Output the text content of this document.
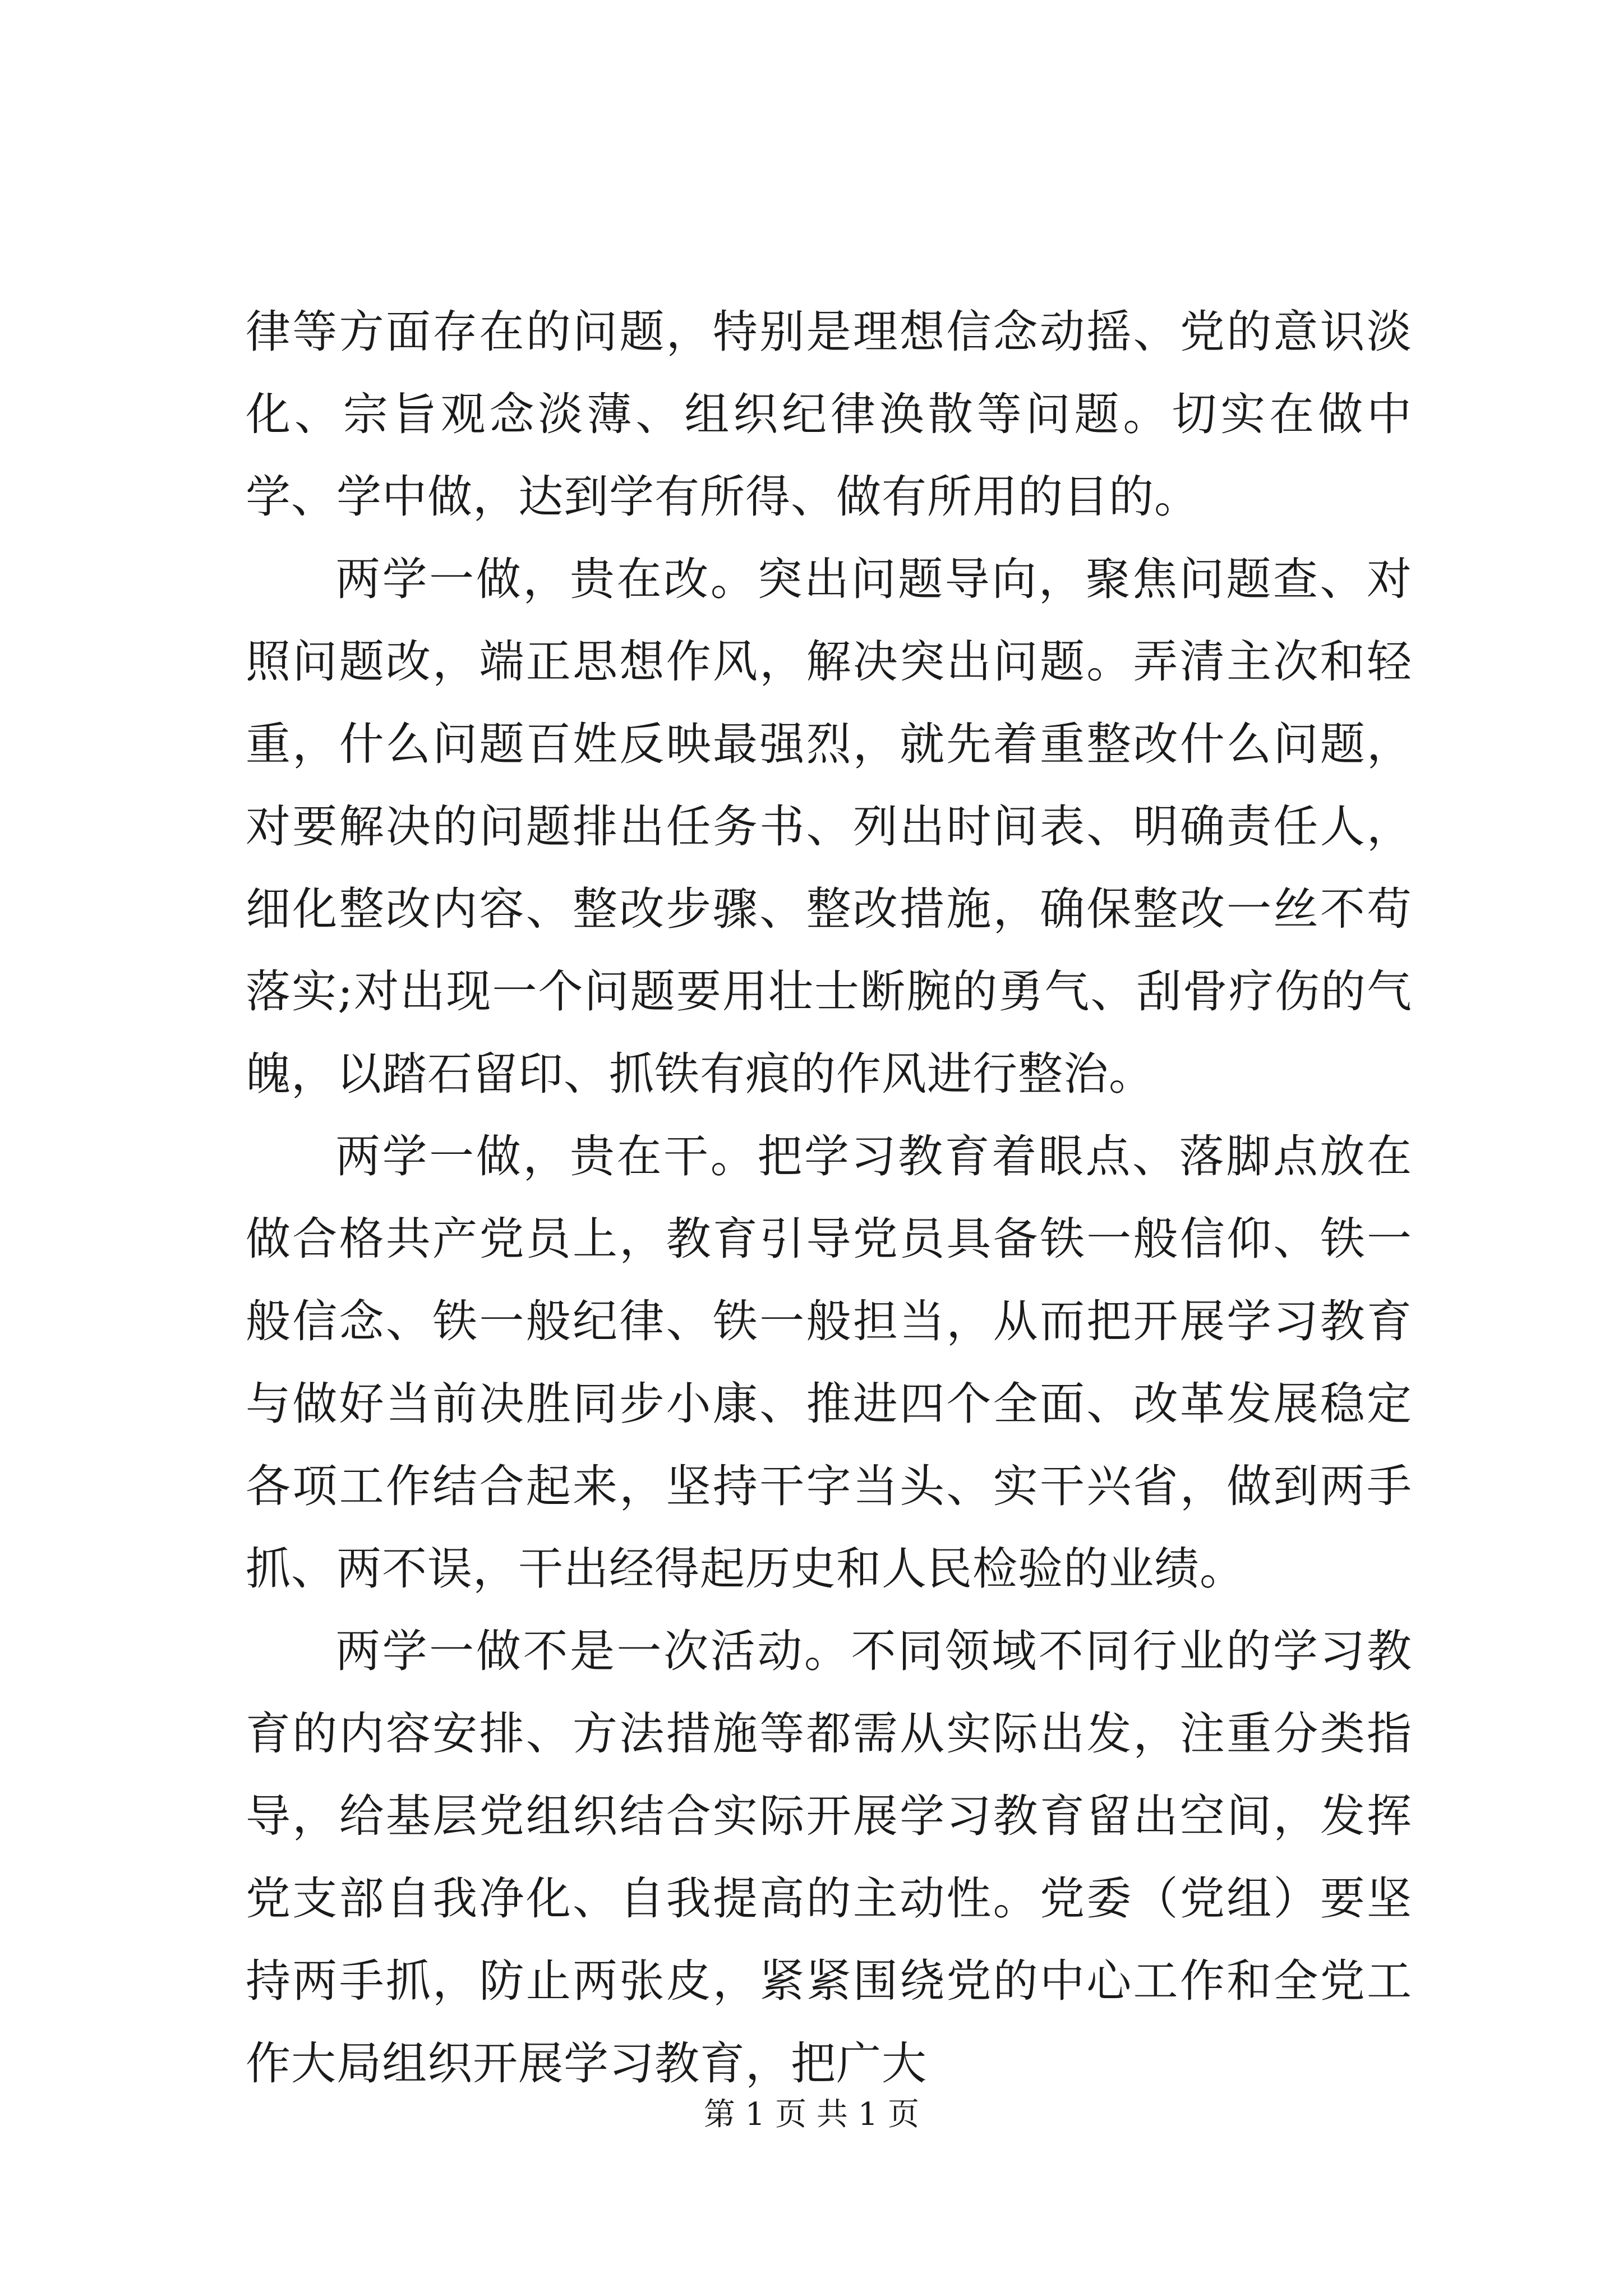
律等方面存在的问题，特别是理想信念动摇、党的意识淡化、宗旨观念淡薄、组织纪律涣散等问题。切实在做中学、学中做，达到学有所得、做有所用的目的。

两学一做，贵在改。突出问题导向，聚焦问题查、对照问题改，端正思想作风，解决突出问题。弄清主次和轻重，什么问题百姓反映最强烈，就先着重整改什么问题，对要解决的问题排出任务书、列出时间表、明确责任人，细化整改内容、整改步骤、整改措施，确保整改一丝不苟落实;对出现一个问题要用壮士断腕的勇气、刮骨疗伤的气魄，以踏石留印、抓铁有痕的作风进行整治。

两学一做，贵在干。把学习教育着眼点、落脚点放在做合格共产党员上，教育引导党员具备铁一般信仰、铁一般信念、铁一般纪律、铁一般担当，从而把开展学习教育与做好当前决胜同步小康、推进四个全面、改革发展稳定各项工作结合起来，坚持干字当头、实干兴省，做到两手抓、两不误，干出经得起历史和人民检验的业绩。

两学一做不是一次活动。不同领域不同行业的学习教育的内容安排、方法措施等都需从实际出发，注重分类指导，给基层党组织结合实际开展学习教育留出空间，发挥党支部自我净化、自我提高的主动性。党委（党组）要坚持两手抓，防止两张皮，紧紧围绕党的中心工作和全党工作大局组织开展学习教育，把广大

第 1 页 共 1 页
